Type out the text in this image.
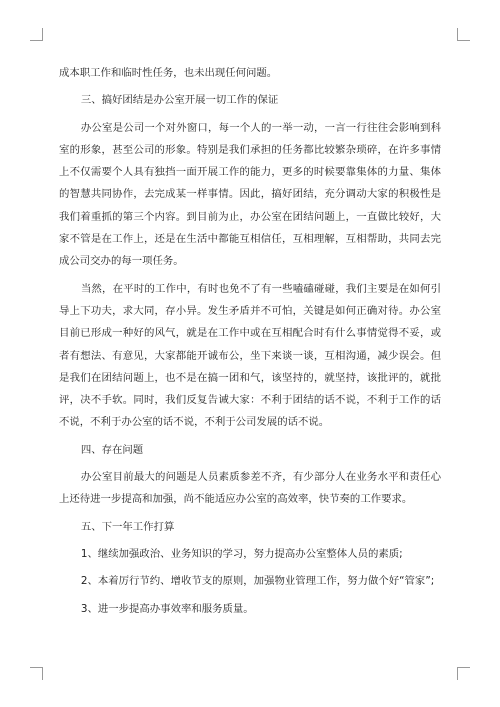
成本职工作和临时性任务，也未出现任何问题。

三、搞好团结是办公室开展一切工作的保证

办公室是公司一个对外窗口，每一个人的一举一动，一言一行往往会影响到科室的形象，甚至公司的形象。特别是我们承担的任务都比较繁杂琐碎，在许多事情上不仅需要个人具有独挡一面开展工作的能力，更多的时候要靠集体的力量、集体的智慧共同协作，去完成某一样事情。因此，搞好团结，充分调动大家的积极性是我们着重抓的第三个内容。到目前为止，办公室在团结问题上，一直做比较好，大家不管是在工作上，还是在生活中都能互相信任，互相理解，互相帮助，共同去完成公司交办的每一项任务。

当然，在平时的工作中，有时也免不了有一些嗑磕碰碰，我们主要是在如何引导上下功夫，求大同，存小异。发生矛盾并不可怕，关键是如何正确对待。办公室目前已形成一种好的风气，就是在工作中或在互相配合时有什么事情觉得不妥，或者有想法、有意见，大家都能开诚布公，坐下来谈一谈，互相沟通，减少误会。但是我们在团结问题上，也不是在搞一团和气，该坚持的，就坚持，该批评的，就批评，决不手软。同时，我们反复告诫大家：不利于团结的话不说，不利于工作的话不说，不利于办公室的话不说，不利于公司发展的话不说。

四、存在问题

办公室目前最大的问题是人员素质参差不齐，有少部分人在业务水平和责任心上还待进一步提高和加强，尚不能适应办公室的高效率，快节奏的工作要求。

五、下一年工作打算

1、继续加强政治、业务知识的学习，努力提高办公室整体人员的素质;

2、本着厉行节约、增收节支的原则，加强物业管理工作，努力做个好“管家”;

3、进一步提高办事效率和服务质量。
